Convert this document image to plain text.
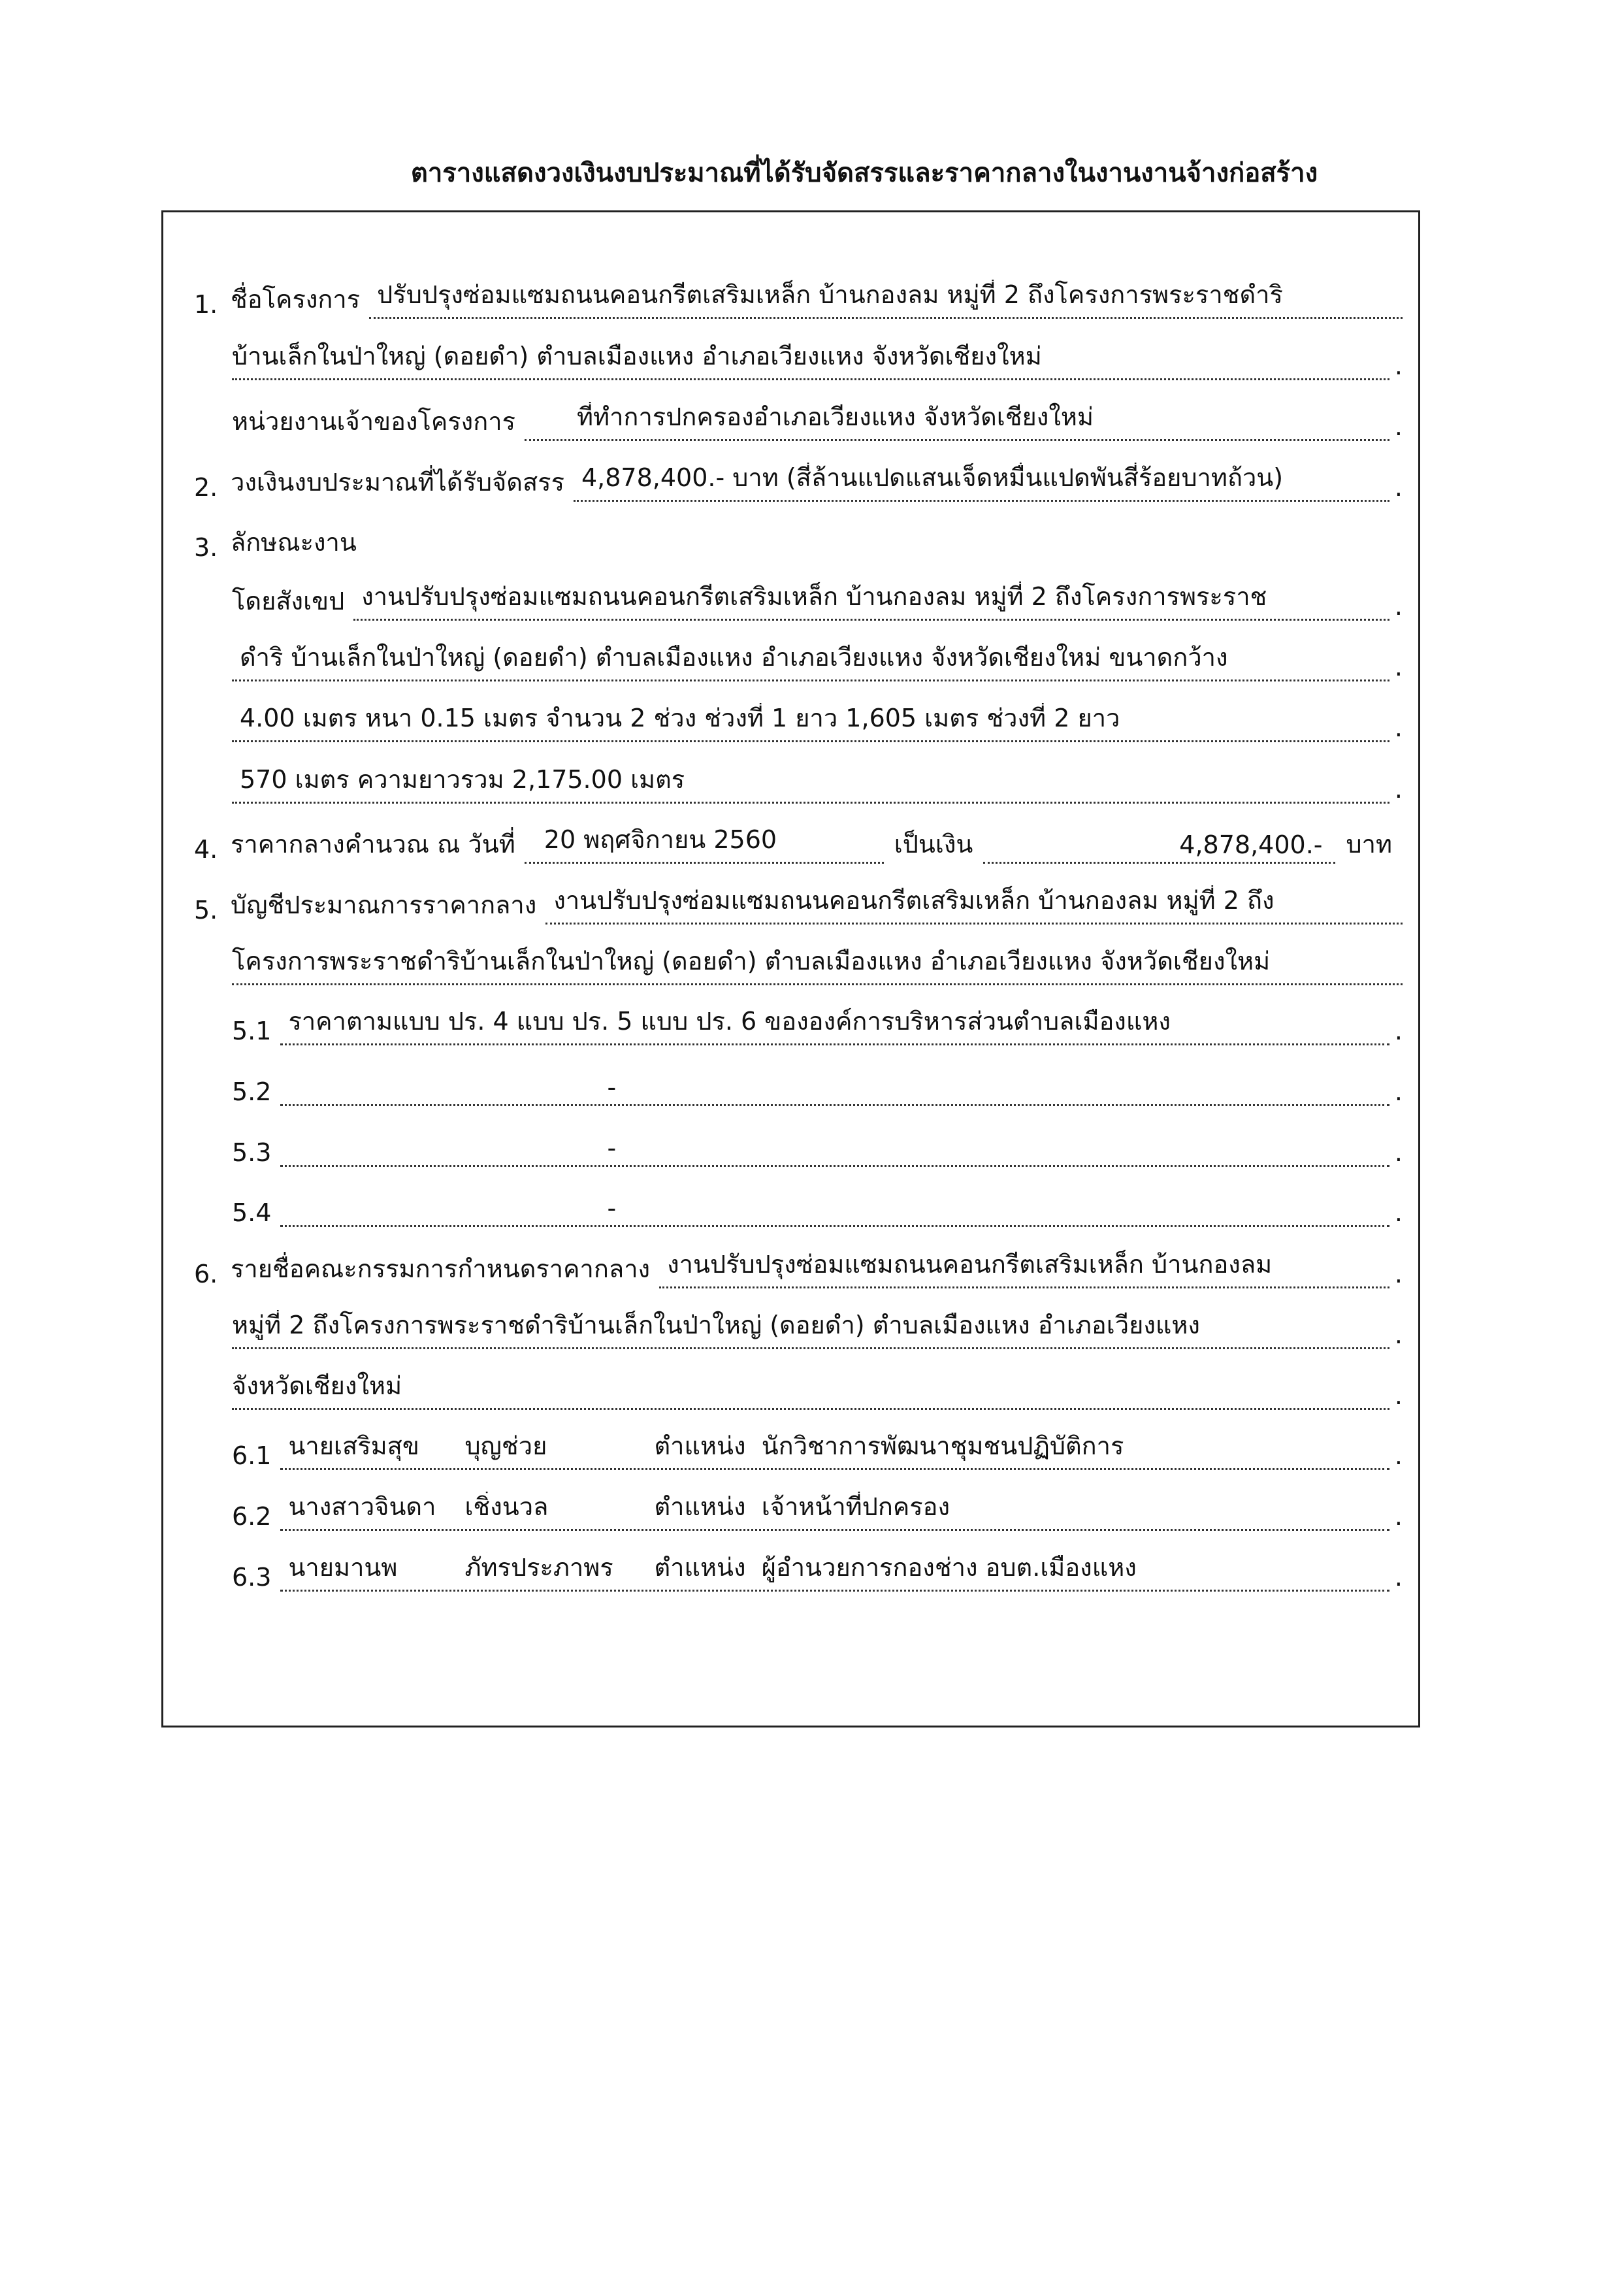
ตารางแสดงวงเงินงบประมาณที่ได้รับจัดสรรและราคากลางในงานงานจ้างก่อสร้าง
1. ชื่อโครงการ ปรับปรุงซ่อมแซมถนนคอนกรีตเสริมเหล็ก บ้านกองลม หมู่ที่ 2 ถึงโครงการพระราชดำริ
บ้านเล็กในป่าใหญ่ (ดอยดำ) ตำบลเมืองแหง อำเภอเวียงแหง จังหวัดเชียงใหม่	.
หน่วยงานเจ้าของโครงการ	ที่ทำการปกครองอำเภอเวียงแหง จังหวัดเชียงใหม่	.
2. วงเงินงบประมาณที่ได้รับจัดสรร 4,878,400.- บาท (สี่ล้านแปดแสนเจ็ดหมื่นแปดพันสี่ร้อยบาทถ้วน)	.
3. ลักษณะงาน
โดยสังเขป งานปรับปรุงซ่อมแซมถนนคอนกรีตเสริมเหล็ก บ้านกองลม หมู่ที่ 2 ถึงโครงการพระราช	.
ดำริ บ้านเล็กในป่าใหญ่ (ดอยดำ) ตำบลเมืองแหง อำเภอเวียงแหง จังหวัดเชียงใหม่ ขนาดกว้าง	.
4.00 เมตร หนา 0.15 เมตร จำนวน 2 ช่วง ช่วงที่ 1 ยาว 1,605 เมตร ช่วงที่ 2 ยาว	.
570 เมตร ความยาวรวม 2,175.00 เมตร	.
4. ราคากลางคำนวณ ณ วันที่	20 พฤศจิกายน 2560	เป็นเงิน	4,878,400.- บาท
5. บัญชีประมาณการราคากลาง งานปรับปรุงซ่อมแซมถนนคอนกรีตเสริมเหล็ก บ้านกองลม หมู่ที่ 2 ถึง
โครงการพระราชดำริบ้านเล็กในป่าใหญ่ (ดอยดำ) ตำบลเมืองแหง อำเภอเวียงแหง จังหวัดเชียงใหม่
5.1 ราคาตามแบบ ปร. 4 แบบ ปร. 5 แบบ ปร. 6 ขององค์การบริหารส่วนตำบลเมืองแหง	.
5.2	-	.
5.3	-	.
5.4	-	.
6. รายชื่อคณะกรรมการกำหนดราคากลาง งานปรับปรุงซ่อมแซมถนนคอนกรีตเสริมเหล็ก บ้านกองลม	.
หมู่ที่ 2 ถึงโครงการพระราชดำริบ้านเล็กในป่าใหญ่ (ดอยดำ) ตำบลเมืองแหง อำเภอเวียงแหง	.
จังหวัดเชียงใหม่	.
6.1 นายเสริมสุข บุญช่วย	ตำแหน่ง นักวิชาการพัฒนาชุมชนปฏิบัติการ	.
6.2 นางสาวจินดา เชิ่งนวล	ตำแหน่ง เจ้าหน้าที่ปกครอง	.
6.3 นายมานพ	ภัทรประภาพร ตำแหน่ง ผู้อำนวยการกองช่าง อบต.เมืองแหง	.
